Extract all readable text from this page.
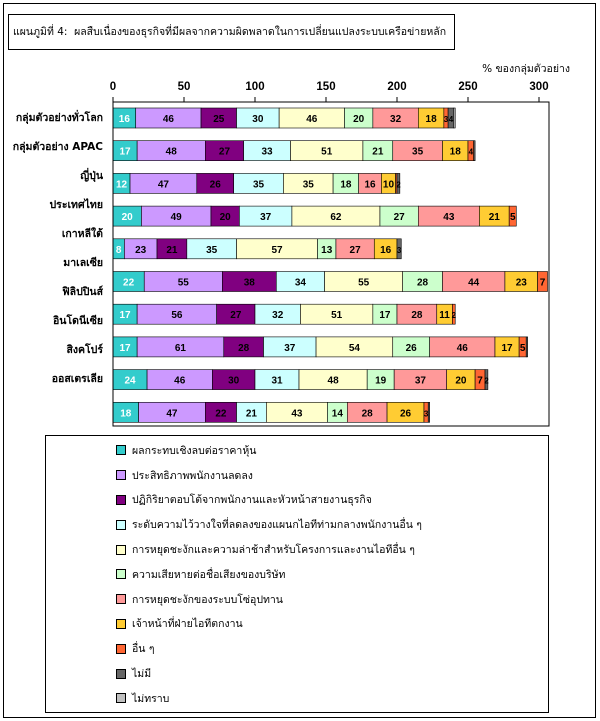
% ของกลุ่มตัวอย่าง
0	50	100	150	200	250	300
16	46	25	30	46	20	32 18 3 4
17	48	27	33	51	21	35	18 4
12	47	26	35	35	18 16 10 2
20	49	20	37	62	27	43	21 5
8 23 21	35	57	13 27 16 3
22	55	38	34	55	28	44	23 7
17	56	27	32	51	17 28 11 2
17	61	28	37	54	26	46	17 5
24	46	30	31	48	19	37	20 7 2
18	47	22 21	43	14 28	26 3
กลุ่มตัวอย่างทั่วโลก
กลุ่มตัวอย่าง APAC
ญี่ปุ่น
ประเทศไทย
เกาหลีใต้
มาเลเซีย
ฟิลิปปินส์
อินโดนีเซีย
สิงคโปร์
ออสเตรเลีย
แผนภูมิที่ 4:  ผลสืบเนื่องของธุรกิจที่มีผลจากความผิดพลาดในการเปลี่ยนแปลงระบบเครือข่ายหลัก
ผลกระทบเชิงลบต่อราคาหุ้น
ประสิทธิภาพพนักงานลดลง
ปฏิกิริยาตอบโต้จากพนักงานและหัวหน้าสายงานธุรกิจ
ระดับความไว้วางใจที่ลดลงของแผนกไอทีท่ามกลางพนักงานอื่น ๆ
การหยุดชะงักและความล่าช้าสำหรับโครงการและงานไอทีอื่น ๆ
ความเสียหายต่อชื่อเสียงของบริษัท
การหยุดชะงักของระบบโซ่อุปทาน
เจ้าหน้าที่ฝ่ายไอทีตกงาน
อื่น ๆ
ไม่มี
ไม่ทราบ
